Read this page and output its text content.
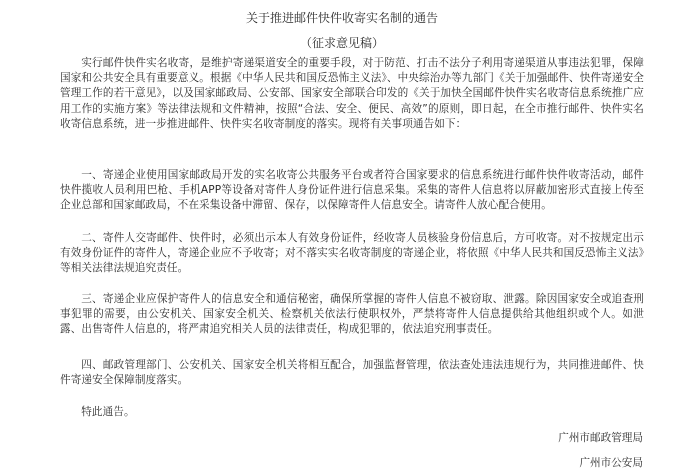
关于推进邮件快件收寄实名制的通告
（征求意见稿）

实行邮件快件实名收寄，是维护寄递渠道安全的重要手段，对于防范、打击不法分子利用寄递渠道从事违法犯罪，保障国家和公共安全具有重要意义。根据《中华人民共和国反恐怖主义法》、中央综治办等九部门《关于加强邮件、快件寄递安全管理工作的若干意见》，以及国家邮政局、公安部、国家安全部联合印发的《关于加快全国邮件快件实名收寄信息系统推广应用工作的实施方案》等法律法规和文件精神，按照“合法、安全、便民、高效”的原则，即日起，在全市推行邮件、快件实名收寄信息系统，进一步推进邮件、快件实名收寄制度的落实。现将有关事项通告如下：

一、寄递企业使用国家邮政局开发的实名收寄公共服务平台或者符合国家要求的信息系统进行邮件快件收寄活动，邮件快件揽收人员利用巴枪、手机APP等设备对寄件人身份证件进行信息采集。采集的寄件人信息将以屏蔽加密形式直接上传至企业总部和国家邮政局，不在采集设备中滞留、保存，以保障寄件人信息安全。请寄件人放心配合使用。

二、寄件人交寄邮件、快件时，必须出示本人有效身份证件，经收寄人员核验身份信息后，方可收寄。对不按规定出示有效身份证件的寄件人，寄递企业应不予收寄；对不落实实名收寄制度的寄递企业，将依照《中华人民共和国反恐怖主义法》等相关法律法规追究责任。

三、寄递企业应保护寄件人的信息安全和通信秘密，确保所掌握的寄件人信息不被窃取、泄露。除因国家安全或追查刑事犯罪的需要，由公安机关、国家安全机关、检察机关依法行使职权外，严禁将寄件人信息提供给其他组织或个人。如泄露、出售寄件人信息的，将严肃追究相关人员的法律责任，构成犯罪的，依法追究刑事责任。

四、邮政管理部门、公安机关、国家安全机关将相互配合，加强监督管理，依法查处违法违规行为，共同推进邮件、快件寄递安全保障制度落实。

特此通告。

广州市邮政管理局
广州市公安局
